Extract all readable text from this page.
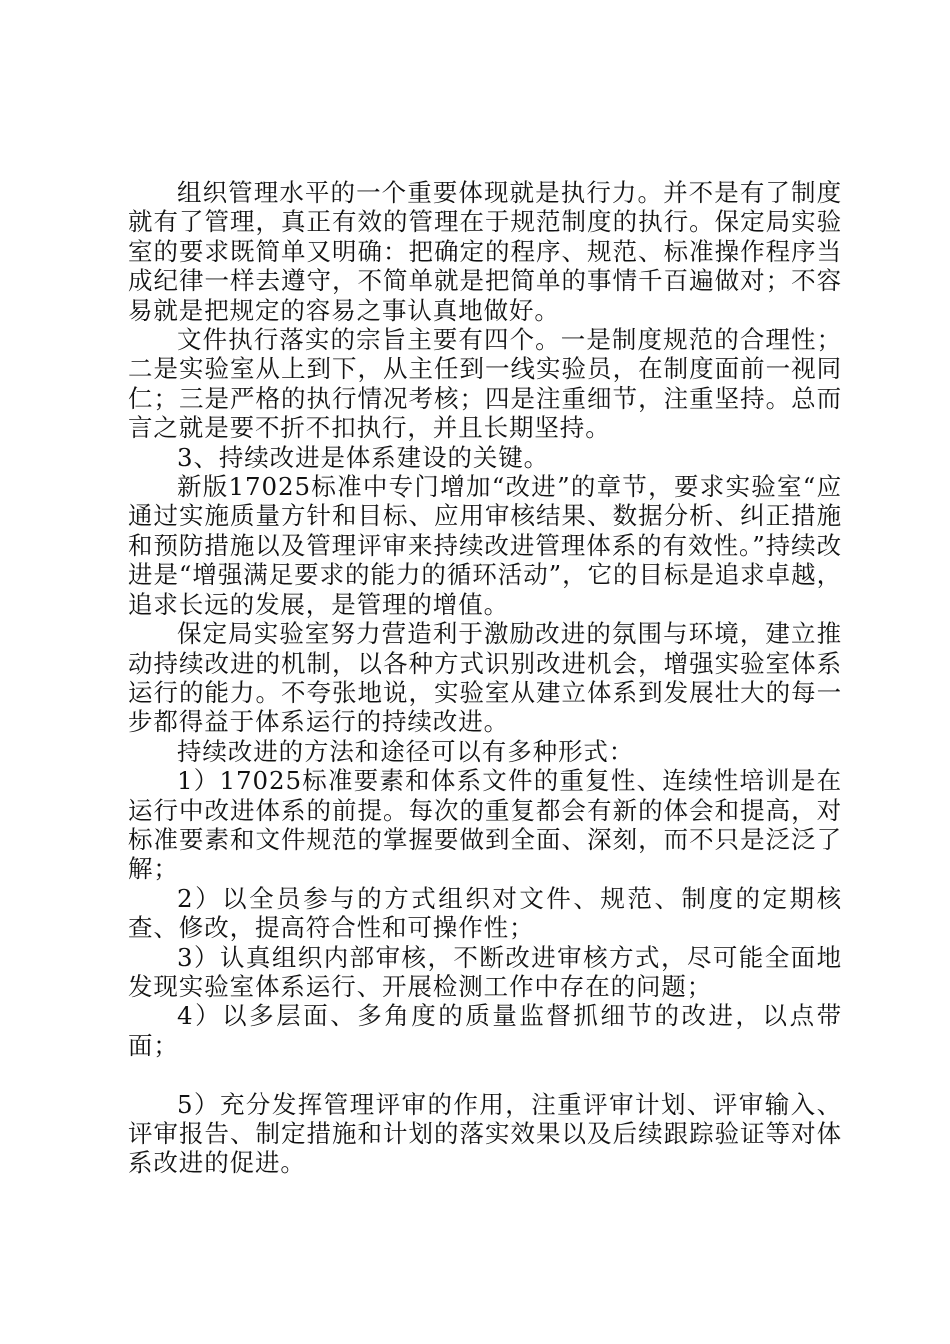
组织管理水平的一个重要体现就是执行力。并不是有了制度就有了管理，真正有效的管理在于规范制度的执行。保定局实验室的要求既简单又明确：把确定的程序、规范、标准操作程序当成纪律一样去遵守，不简单就是把简单的事情千百遍做对；不容易就是把规定的容易之事认真地做好。

文件执行落实的宗旨主要有四个。一是制度规范的合理性；二是实验室从上到下，从主任到一线实验员，在制度面前一视同仁；三是严格的执行情况考核；四是注重细节，注重坚持。总而言之就是要不折不扣执行，并且长期坚持。

3、持续改进是体系建设的关键。

新版17025标准中专门增加“改进”的章节，要求实验室“应通过实施质量方针和目标、应用审核结果、数据分析、纠正措施和预防措施以及管理评审来持续改进管理体系的有效性。”持续改进是“增强满足要求的能力的循环活动”，它的目标是追求卓越，追求长远的发展，是管理的增值。

保定局实验室努力营造利于激励改进的氛围与环境，建立推动持续改进的机制，以各种方式识别改进机会，增强实验室体系运行的能力。不夸张地说，实验室从建立体系到发展壮大的每一步都得益于体系运行的持续改进。

持续改进的方法和途径可以有多种形式：

1）17025标准要素和体系文件的重复性、连续性培训是在运行中改进体系的前提。每次的重复都会有新的体会和提高，对标准要素和文件规范的掌握要做到全面、深刻，而不只是泛泛了解；

2）以全员参与的方式组织对文件、规范、制度的定期核查、修改，提高符合性和可操作性；

3）认真组织内部审核，不断改进审核方式，尽可能全面地发现实验室体系运行、开展检测工作中存在的问题；

4）以多层面、多角度的质量监督抓细节的改进，以点带面；

5）充分发挥管理评审的作用，注重评审计划、评审输入、评审报告、制定措施和计划的落实效果以及后续跟踪验证等对体系改进的促进。
